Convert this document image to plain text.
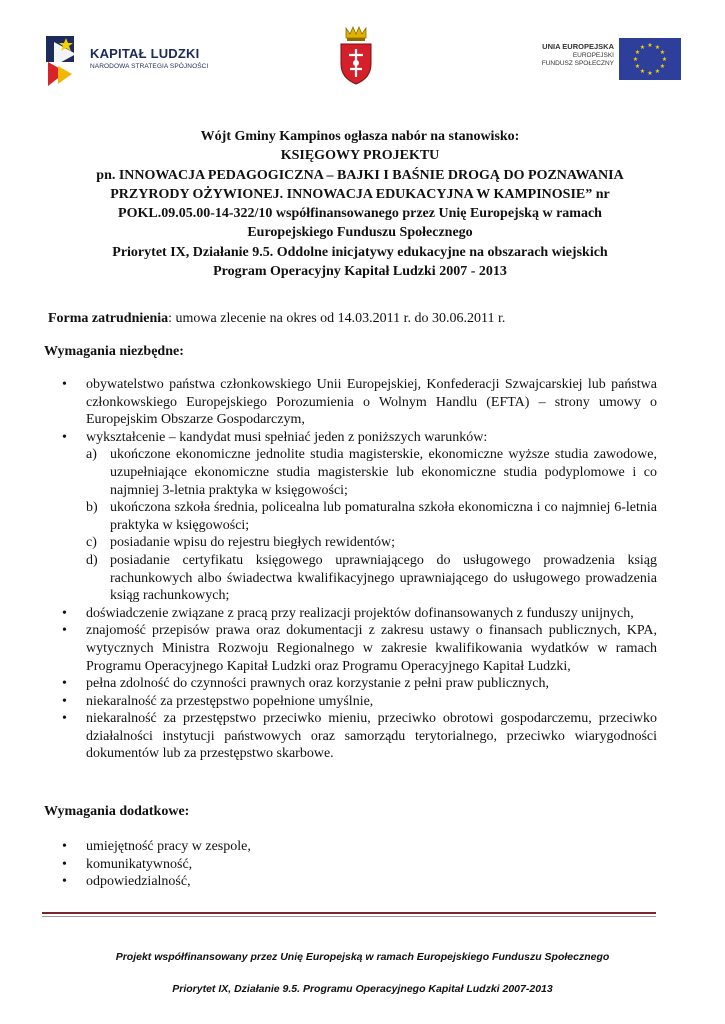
KAPITAŁ LUDZKI
NARODOWA STRATEGIA SPÓJNOŚCI
UNIA EUROPEJSKA
EUROPEJSKI
FUNDUSZ SPOŁECZNY
★ ★
★
★
★
★
★
★
★
★
★
★
Wójt Gminy Kampinos ogłasza nabór na stanowisko:
KSIĘGOWY PROJEKTU
pn. INNOWACJA PEDAGOGICZNA – BAJKI I BAŚNIE DROGĄ DO POZNAWANIA
PRZYRODY OŻYWIONEJ. INNOWACJA EDUKACYJNA W KAMPINOSIE” nr
POKL.09.05.00-14-322/10 współfinansowanego przez Unię Europejską w ramach
Europejskiego Funduszu Społecznego
Priorytet IX, Działanie 9.5. Oddolne inicjatywy edukacyjne na obszarach wiejskich
Program Operacyjny Kapitał Ludzki 2007 - 2013
Forma zatrudnienia: umowa zlecenie na okres od 14.03.2011 r. do 30.06.2011 r.
Wymagania niezbędne:
• obywatelstwo państwa członkowskiego Unii Europejskiej, Konfederacji Szwajcarskiej lub państwa członkowskiego Europejskiego Porozumienia o Wolnym Handlu (EFTA) – strony umowy o Europejskim Obszarze Gospodarczym,
• wykształcenie – kandydat musi spełniać jeden z poniższych warunków:
a) ukończone ekonomiczne jednolite studia magisterskie, ekonomiczne wyższe studia zawodowe, uzupełniające ekonomiczne studia magisterskie lub ekonomiczne studia podyplomowe i co najmniej 3-letnia praktyka w księgowości;
b) ukończona szkoła średnia, policealna lub pomaturalna szkoła ekonomiczna i co najmniej 6-letnia praktyka w księgowości;
c) posiadanie wpisu do rejestru biegłych rewidentów;
d) posiadanie certyfikatu księgowego uprawniającego do usługowego prowadzenia ksiąg rachunkowych albo świadectwa kwalifikacyjnego uprawniającego do usługowego prowadzenia ksiąg rachunkowych;
• doświadczenie związane z pracą przy realizacji projektów dofinansowanych z funduszy unijnych,
• znajomość przepisów prawa oraz dokumentacji z zakresu ustawy o finansach publicznych, KPA, wytycznych Ministra Rozwoju Regionalnego w zakresie kwalifikowania wydatków w ramach Programu Operacyjnego Kapitał Ludzki oraz Programu Operacyjnego Kapitał Ludzki,
• pełna zdolność do czynności prawnych oraz korzystanie z pełni praw publicznych,
• niekaralność za przestępstwo popełnione umyślnie,
• niekaralność za przestępstwo przeciwko mieniu, przeciwko obrotowi gospodarczemu, przeciwko działalności instytucji państwowych oraz samorządu terytorialnego, przeciwko wiarygodności dokumentów lub za przestępstwo skarbowe.
Wymagania dodatkowe:
• umiejętność pracy w zespole,
• komunikatywność,
• odpowiedzialność,
Projekt współfinansowany przez Unię Europejską w ramach Europejskiego Funduszu Społecznego
Priorytet IX, Działanie 9.5. Programu Operacyjnego Kapitał Ludzki 2007-2013
